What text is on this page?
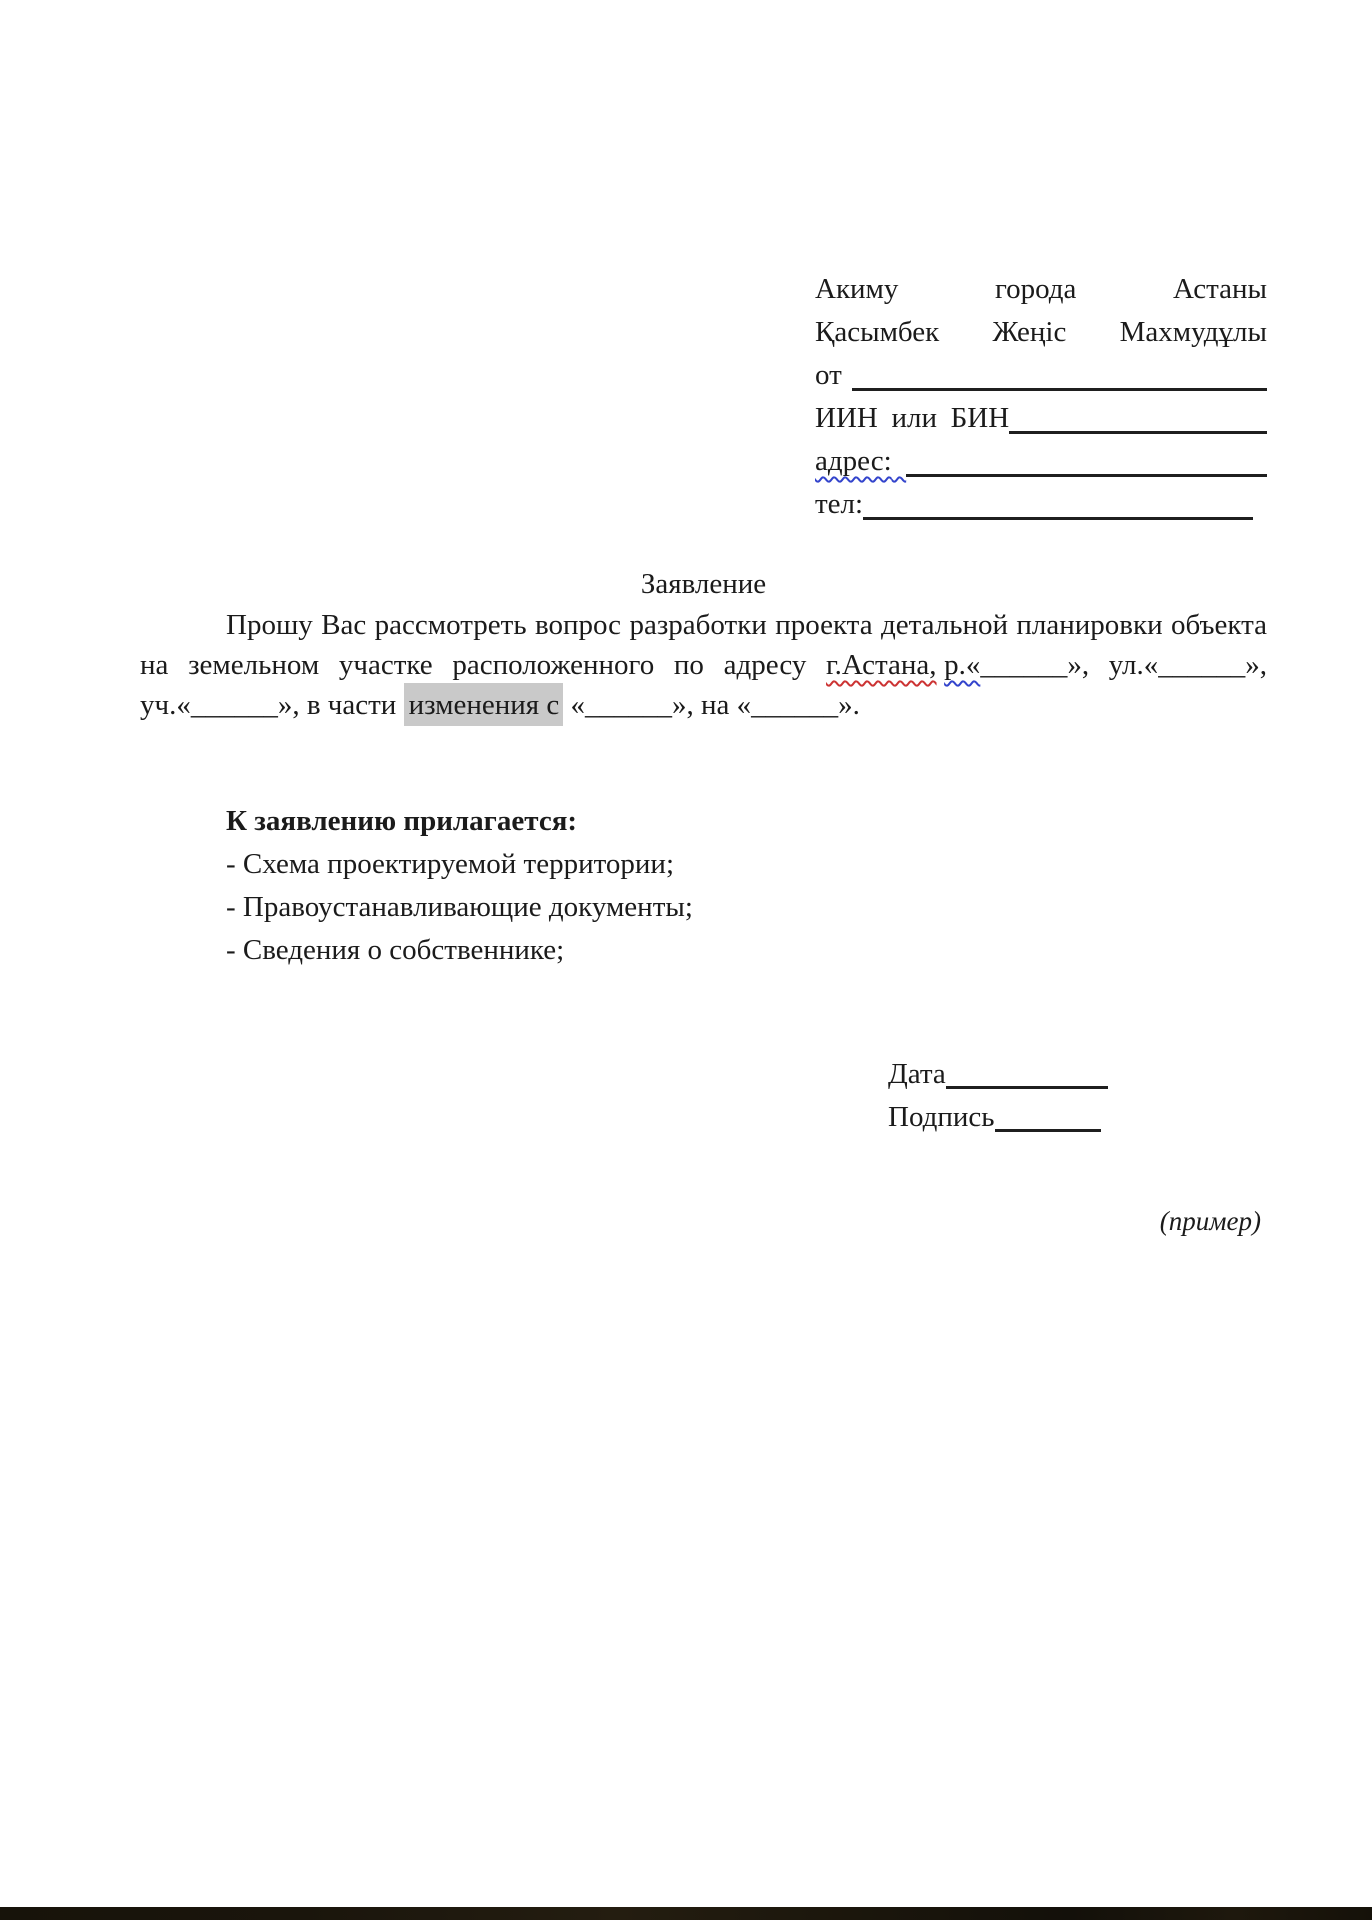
Акиму города Астаны
Қасымбек Жеңіс Махмудұлы
от
ИИН или БИН
адрес:
тел:
Заявление

Прошу Вас рассмотреть вопрос разработки проекта детальной планировки объекта на земельном участке расположенного по адресу г.Астана, р.«______», ул.«______», уч.«______», в части изменения с «______», на «______».

К заявлению прилагается:
- Схема проектируемой территории;
- Правоустанавливающие документы;
- Сведения о собственнике;
Дата
Подпись
(пример)
